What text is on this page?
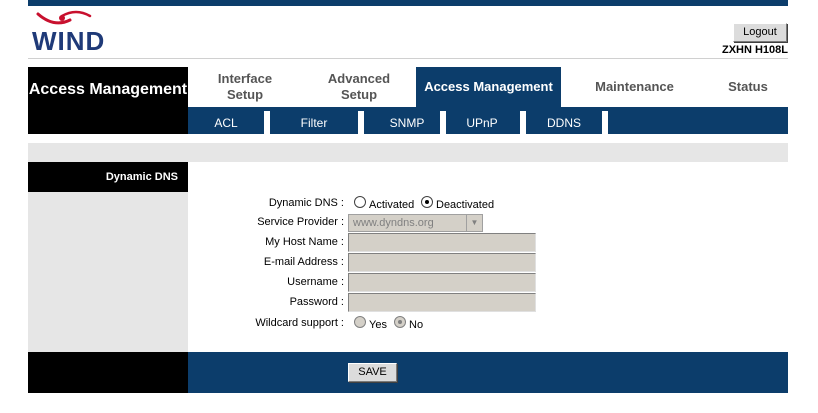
WIND	Logout
ZXHN H108L
Access Management
Interface Setup
Advanced Setup
Access Management	Maintenance	Status
ACL	Filter	SNMP	UPnP	DDNS
Dynamic DNS
Dynamic DNS : Activated Deactivated
Service Provider : www.dyndns.org	▼
My Host Name :
E-mail Address :
Username :
Password :
Wildcard support : Yes No
SAVE
